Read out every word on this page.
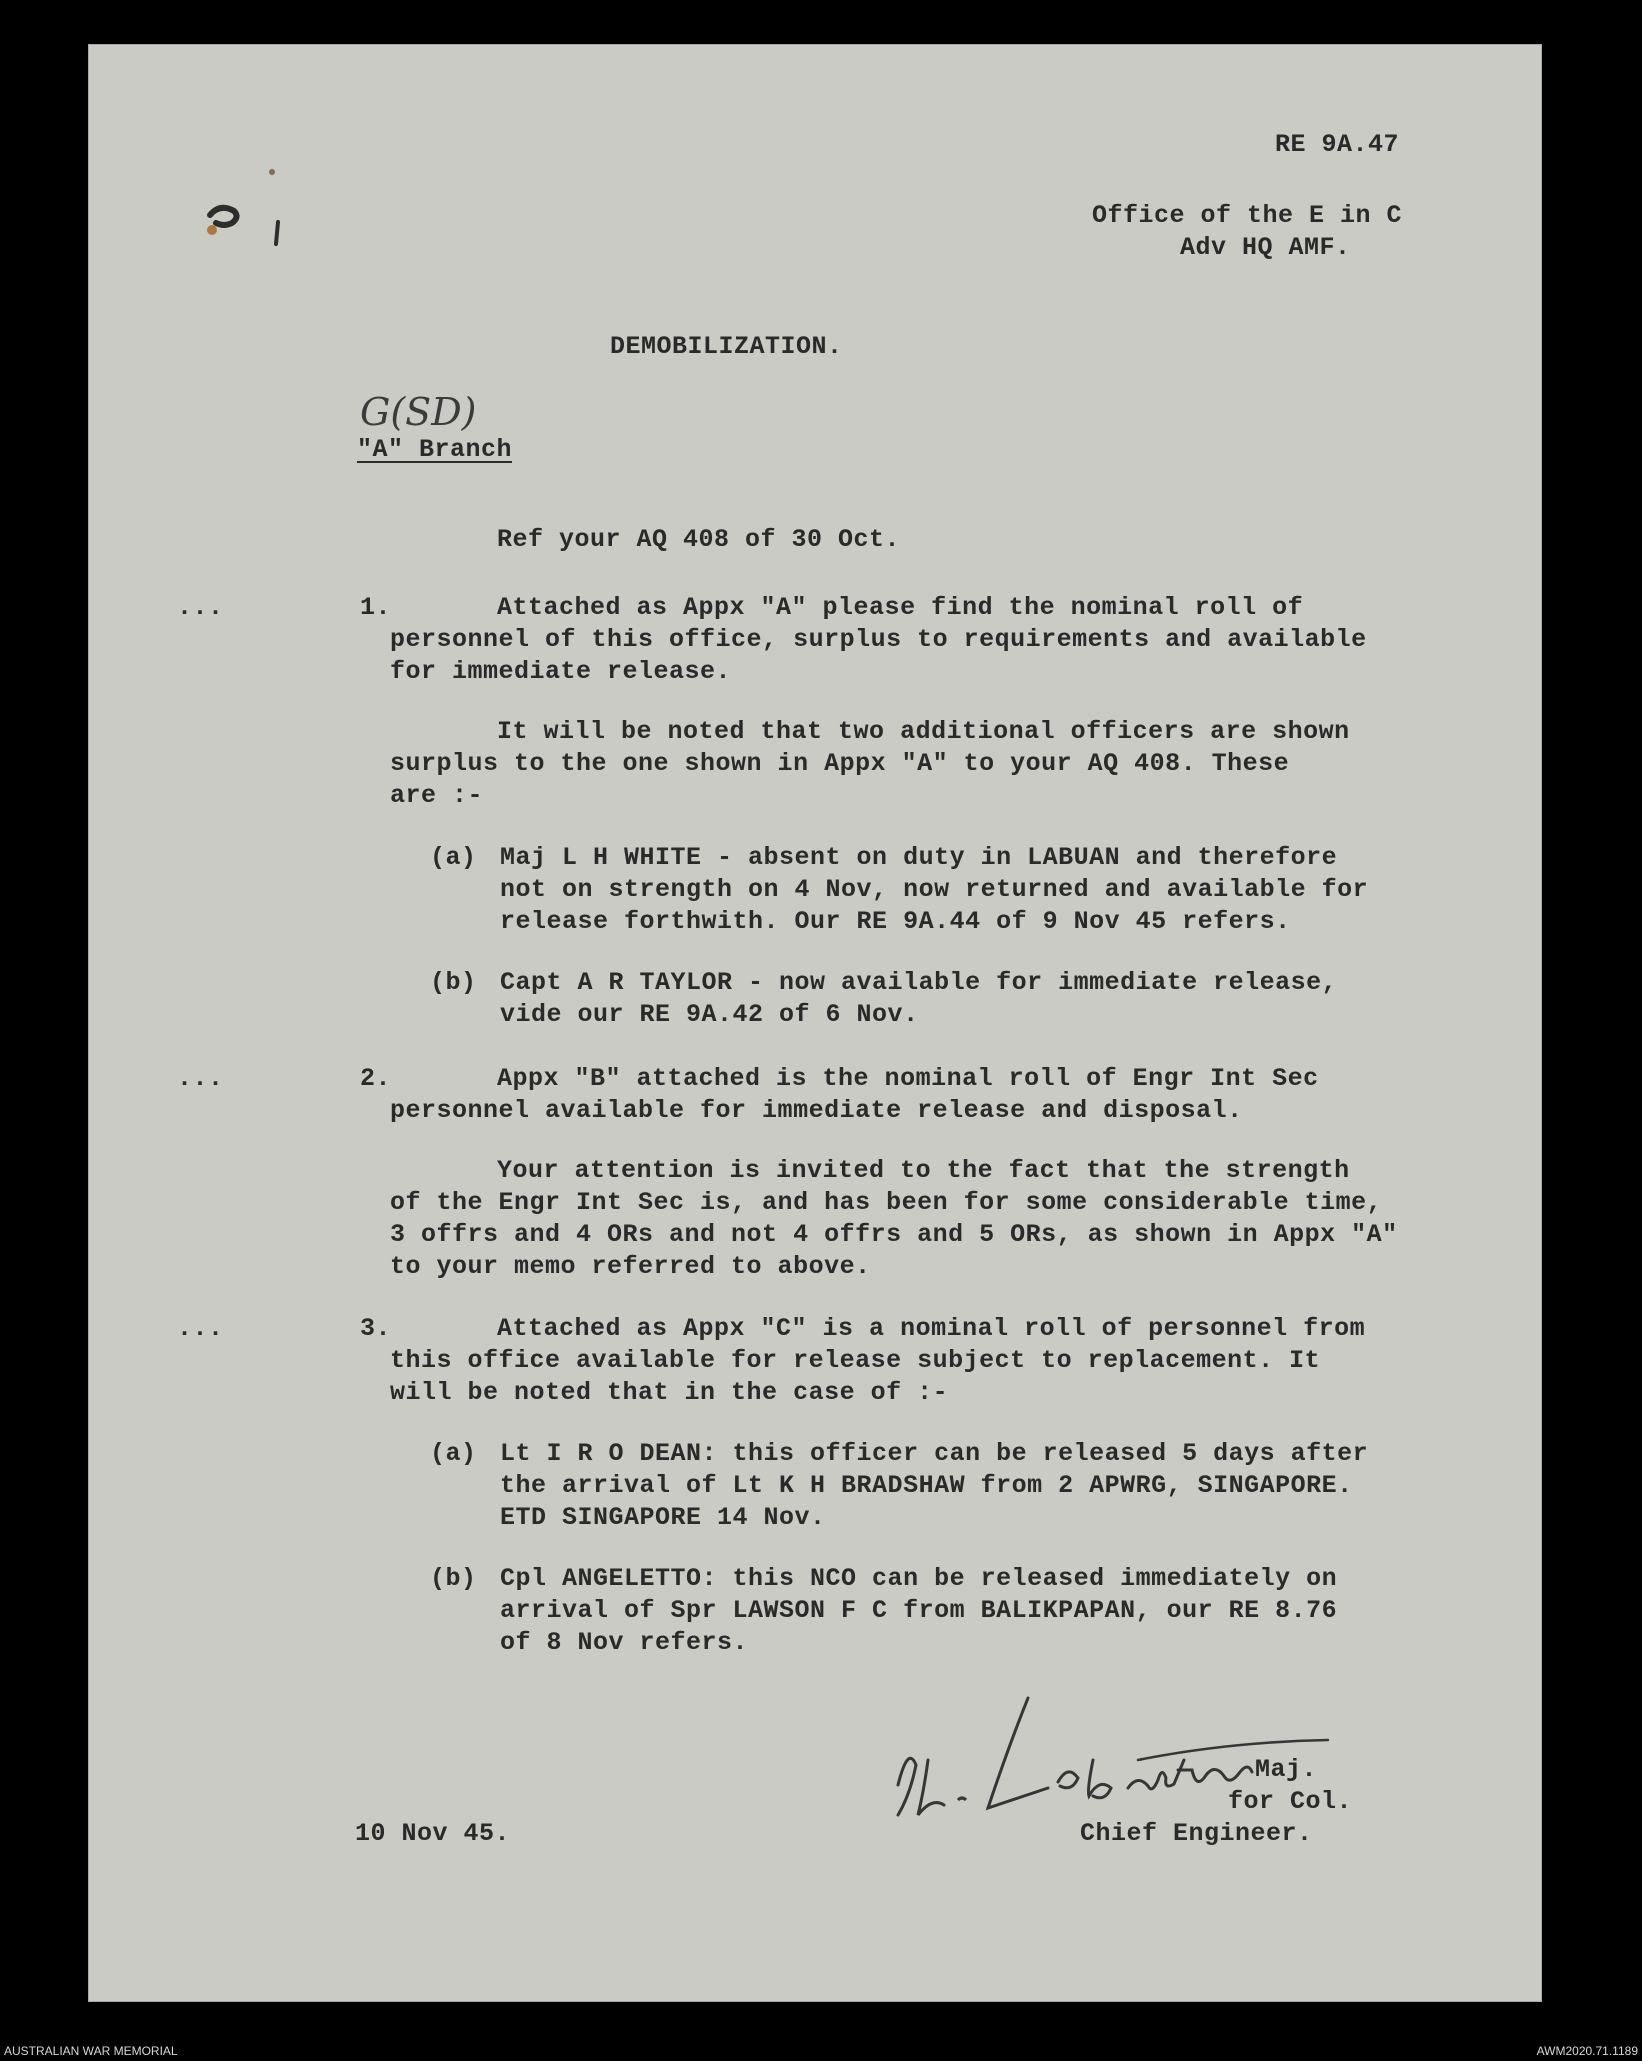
RE 9A.47
Office of the E in C
Adv HQ AMF.
DEMOBILIZATION.
G(SD)
"A" Branch
Ref your AQ 408 of 30 Oct.
...	1.	Attached as Appx "A" please find the nominal roll of
personnel of this office, surplus to requirements and available
for immediate release.
It will be noted that two additional officers are shown
surplus to the one shown in Appx "A" to your AQ 408. These
are :-
(a) Maj L H WHITE - absent on duty in LABUAN and therefore
not on strength on 4 Nov, now returned and available for
release forthwith. Our RE 9A.44 of 9 Nov 45 refers.
(b) Capt A R TAYLOR - now available for immediate release,
vide our RE 9A.42 of 6 Nov.
...	2.	Appx "B" attached is the nominal roll of Engr Int Sec
personnel available for immediate release and disposal.
Your attention is invited to the fact that the strength
of the Engr Int Sec is, and has been for some considerable time,
3 offrs and 4 ORs and not 4 offrs and 5 ORs, as shown in Appx "A"
to your memo referred to above.
...	3.	Attached as Appx "C" is a nominal roll of personnel from
this office available for release subject to replacement. It
will be noted that in the case of :-
(a) Lt I R O DEAN: this officer can be released 5 days after
the arrival of Lt K H BRADSHAW from 2 APWRG, SINGAPORE.
ETD SINGAPORE 14 Nov.
(b) Cpl ANGELETTO: this NCO can be released immediately on
arrival of Spr LAWSON F C from BALIKPAPAN, our RE 8.76
of 8 Nov refers.
Maj.
for Col.
Chief Engineer.
10 Nov 45.
AUSTRALIAN WAR MEMORIAL	AWM2020.71.1189
